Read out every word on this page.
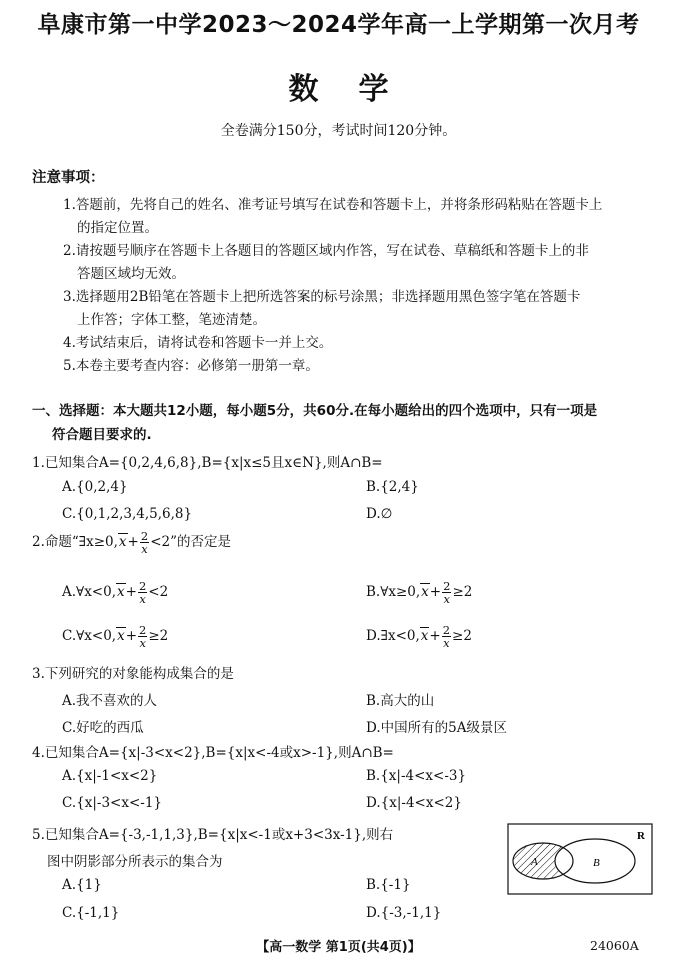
阜康市第一中学2023～2024学年高一上学期第一次月考
数学
全卷满分150分，考试时间120分钟。
注意事项：
1.答题前，先将自己的姓名、准考证号填写在试卷和答题卡上，并将条形码粘贴在答题卡上
的指定位置。
2.请按题号顺序在答题卡上各题目的答题区域内作答，写在试卷、草稿纸和答题卡上的非
答题区域均无效。
3.选择题用2B铅笔在答题卡上把所选答案的标号涂黑；非选择题用黑色签字笔在答题卡
上作答；字体工整，笔迹清楚。
4.考试结束后，请将试卷和答题卡一并上交。
5.本卷主要考查内容：必修第一册第一章。
一、选择题：本大题共12小题，每小题5分，共60分.在每小题给出的四个选项中，只有一项是
符合题目要求的.
1.已知集合A={0,2,4,6,8},B={x|x≤5且x∈N},则A∩B=
A.{0,2,4}	B.{2,4}
C.{0,1,2,3,4,5,6,8}	D.∅
2.命题“∃x≥0,x+ $\frac{2}{x} <2$”的否定是
A.∀x<0,x+ $\frac{2}{x} <2$	B.∀x≥0,x+ $\frac{2}{x} \ge 2$
C.∀x<0,x+ $\frac{2}{x} \ge 2$	D.∃x<0,x+ $\frac{2}{x} \ge 2$
3.下列研究的对象能构成集合的是
A.我不喜欢的人	B.高大的山
C.好吃的西瓜	D.中国所有的5A级景区
4.已知集合A={x|-3<x<2},B={x|x<-4或x>-1},则A∩B=
A.{x|-1<x<2}	B.{x|-4<x<-3}
C.{x|-3<x<-1}	D.{x|-4<x<2}
5.已知集合A={-3,-1,1,3},B={x|x<-1或x+3<3x-1},则右
图中阴影部分所表示的集合为
A.{1}	B.{-1}
C.{-1,1}	D.{-3,-1,1}
R
A	B
【高一数学 第1页(共4页)】	24060A
